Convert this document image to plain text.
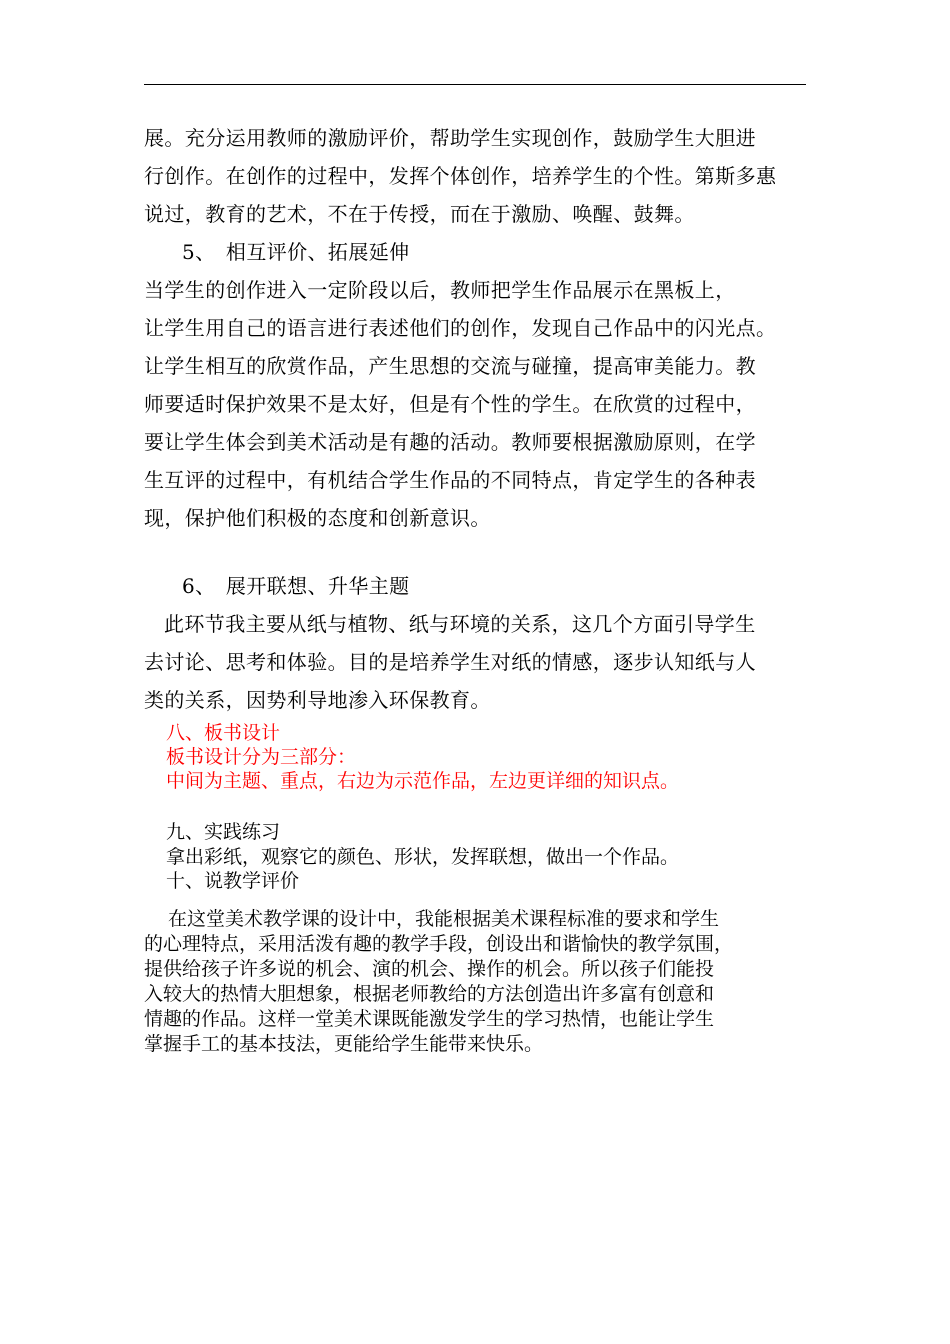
展。充分运用教师的激励评价，帮助学生实现创作，鼓励学生大胆进
行创作。在创作的过程中，发挥个体创作，培养学生的个性。第斯多惠
说过，教育的艺术，不在于传授，而在于激励、唤醒、鼓舞。
5、　相互评价、拓展延伸
当学生的创作进入一定阶段以后，教师把学生作品展示在黑板上，
让学生用自己的语言进行表述他们的创作，发现自己作品中的闪光点。
让学生相互的欣赏作品，产生思想的交流与碰撞，提高审美能力。教
师要适时保护效果不是太好，但是有个性的学生。在欣赏的过程中，
要让学生体会到美术活动是有趣的活动。教师要根据激励原则，在学
生互评的过程中，有机结合学生作品的不同特点，肯定学生的各种表
现，保护他们积极的态度和创新意识。
6、　展开联想、升华主题
此环节我主要从纸与植物、纸与环境的关系，这几个方面引导学生
去讨论、思考和体验。目的是培养学生对纸的情感，逐步认知纸与人
类的关系，因势利导地渗入环保教育。
八、板书设计
板书设计分为三部分：
中间为主题、重点，右边为示范作品，左边更详细的知识点。
九、实践练习
拿出彩纸，观察它的颜色、形状，发挥联想，做出一个作品。
十、说教学评价
在这堂美术教学课的设计中，我能根据美术课程标准的要求和学生
的心理特点，采用活泼有趣的教学手段，创设出和谐愉快的教学氛围，
提供给孩子许多说的机会、演的机会、操作的机会。所以孩子们能投
入较大的热情大胆想象，根据老师教给的方法创造出许多富有创意和
情趣的作品。这样一堂美术课既能激发学生的学习热情，也能让学生
掌握手工的基本技法，更能给学生能带来快乐。
